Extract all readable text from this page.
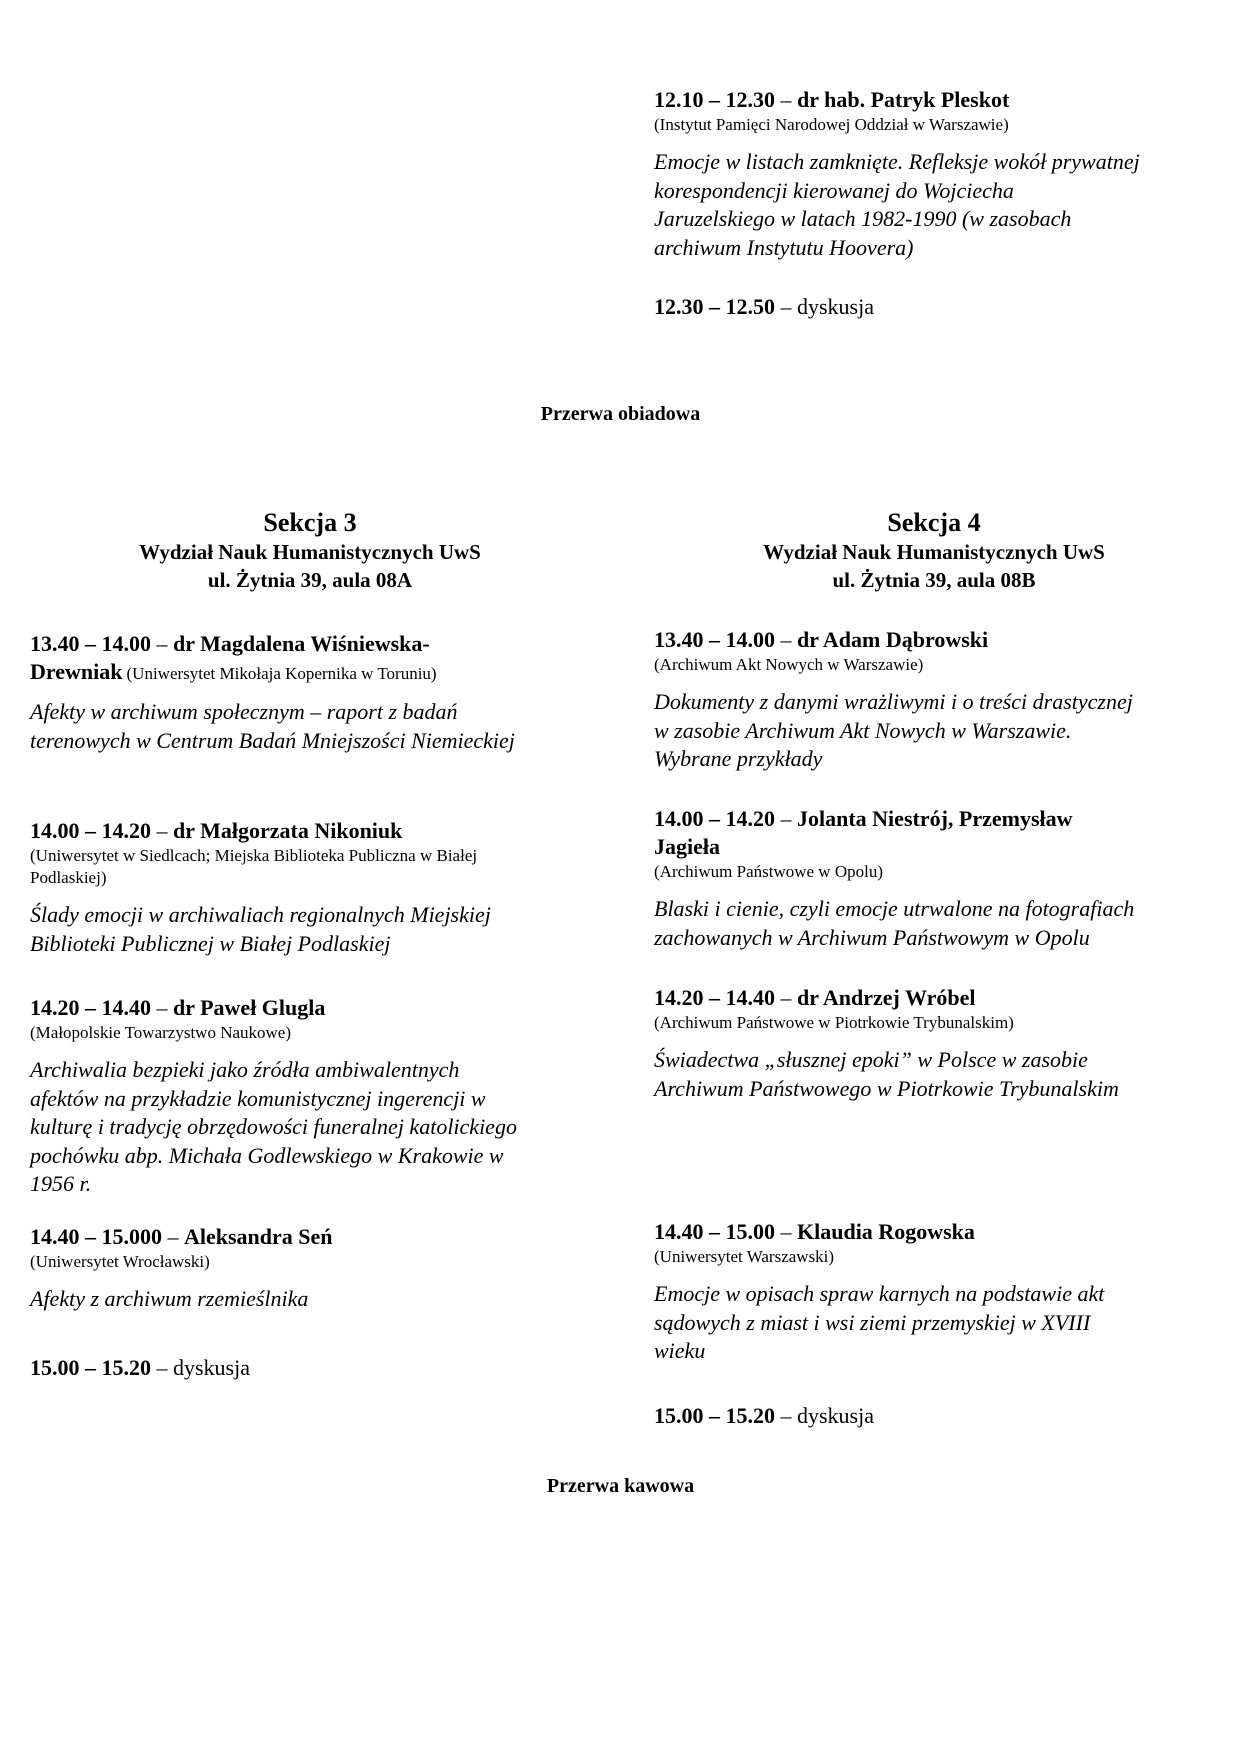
12.10 – 12.30 – dr hab. Patryk Pleskot
(Instytut Pamięci Narodowej Oddział w Warszawie)
Emocje w listach zamknięte. Refleksje wokół prywatnej
korespondencji kierowanej do Wojciecha
Jaruzelskiego w latach 1982-1990 (w zasobach
archiwum Instytutu Hoovera)
12.30 – 12.50 – dyskusja
Przerwa obiadowa
Sekcja 3
Wydział Nauk Humanistycznych UwS
ul. Żytnia 39, aula 08A
Sekcja 4
Wydział Nauk Humanistycznych UwS
ul. Żytnia 39, aula 08B
13.40 – 14.00 – dr Magdalena Wiśniewska-
Drewniak (Uniwersytet Mikołaja Kopernika w Toruniu)
Afekty w archiwum społecznym – raport z badań
terenowych w Centrum Badań Mniejszości Niemieckiej
14.00 – 14.20 – dr Małgorzata Nikoniuk
(Uniwersytet w Siedlcach; Miejska Biblioteka Publiczna w Białej
Podlaskiej)
Ślady emocji w archiwaliach regionalnych Miejskiej
Biblioteki Publicznej w Białej Podlaskiej
14.20 – 14.40 – dr Paweł Glugla
(Małopolskie Towarzystwo Naukowe)
Archiwalia bezpieki jako źródła ambiwalentnych
afektów na przykładzie komunistycznej ingerencji w
kulturę i tradycję obrzędowości funeralnej katolickiego
pochówku abp. Michała Godlewskiego w Krakowie w
1956 r.
14.40 – 15.000 – Aleksandra Seń
(Uniwersytet Wrocławski)
Afekty z archiwum rzemieślnika
15.00 – 15.20 – dyskusja
13.40 – 14.00 – dr Adam Dąbrowski
(Archiwum Akt Nowych w Warszawie)
Dokumenty z danymi wrażliwymi i o treści drastycznej
w zasobie Archiwum Akt Nowych w Warszawie.
Wybrane przykłady
14.00 – 14.20 – Jolanta Niestrój, Przemysław
Jagieła
(Archiwum Państwowe w Opolu)
Blaski i cienie, czyli emocje utrwalone na fotografiach
zachowanych w Archiwum Państwowym w Opolu
14.20 – 14.40 – dr Andrzej Wróbel
(Archiwum Państwowe w Piotrkowie Trybunalskim)
Świadectwa „słusznej epoki” w Polsce w zasobie
Archiwum Państwowego w Piotrkowie Trybunalskim
14.40 – 15.00 – Klaudia Rogowska
(Uniwersytet Warszawski)
Emocje w opisach spraw karnych na podstawie akt
sądowych z miast i wsi ziemi przemyskiej w XVIII
wieku
15.00 – 15.20 – dyskusja
Przerwa kawowa
